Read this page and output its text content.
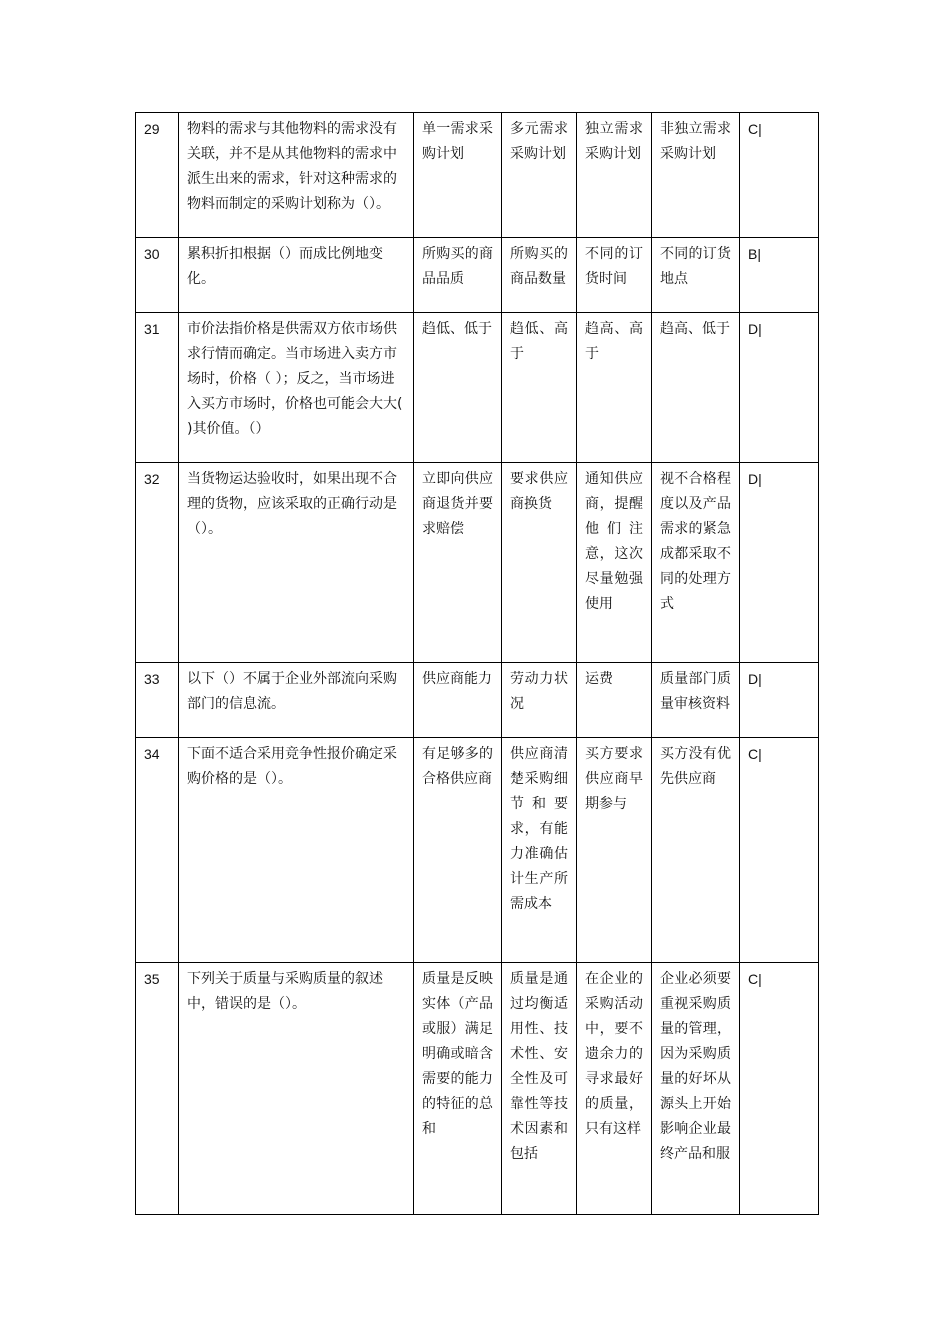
29	物料的需求与其他物料的需求没有关联，并不是从其他物料的需求中派生出来的需求，针对这种需求的物料而制定的采购计划称为（）。	单一需求采购计划	多元需求采购计划	独立需求采购计划	非独立需求采购计划	C|
30	累积折扣根据（）而成比例地变化。	所购买的商品品质	所购买的商品数量	不同的订货时间	不同的订货地点	B|
31	市价法指价格是供需双方依市场供求行情而确定。当市场进入卖方市场时，价格（ ）；反之，当市场进入买方市场时，价格也可能会大大( )其价值。（）	趋低、低于	趋低、高于	趋高、高于	趋高、低于	D|
32	当货物运达验收时，如果出现不合理的货物，应该采取的正确行动是（）。	立即向供应商退货并要求赔偿	要求供应商换货	通知供应商，提醒他们注意，这次尽量勉强使用	视不合格程度以及产品需求的紧急成都采取不同的处理方式	D|
33	以下（）不属于企业外部流向采购部门的信息流。	供应商能力	劳动力状况	运费	质量部门质量审核资料	D|
34	下面不适合采用竞争性报价确定采购价格的是（）。	有足够多的合格供应商	供应商清楚采购细节和要求，有能力准确估计生产所需成本	买方要求供应商早期参与	买方没有优先供应商	C|

35	下列关于质量与采购质量的叙述中，错误的是（）。	质量是反映实体（产品或服）满足明确或暗含需要的能力的特征的总和	质量是通过均衡适用性、技术性、安全性及可靠性等技术因素和包括	在企业的采购活动中，要不遗余力的寻求最好的质量，只有这样	企业必须要重视采购质量的管理，因为采购质量的好坏从源头上开始影响企业最终产品和服	C|
